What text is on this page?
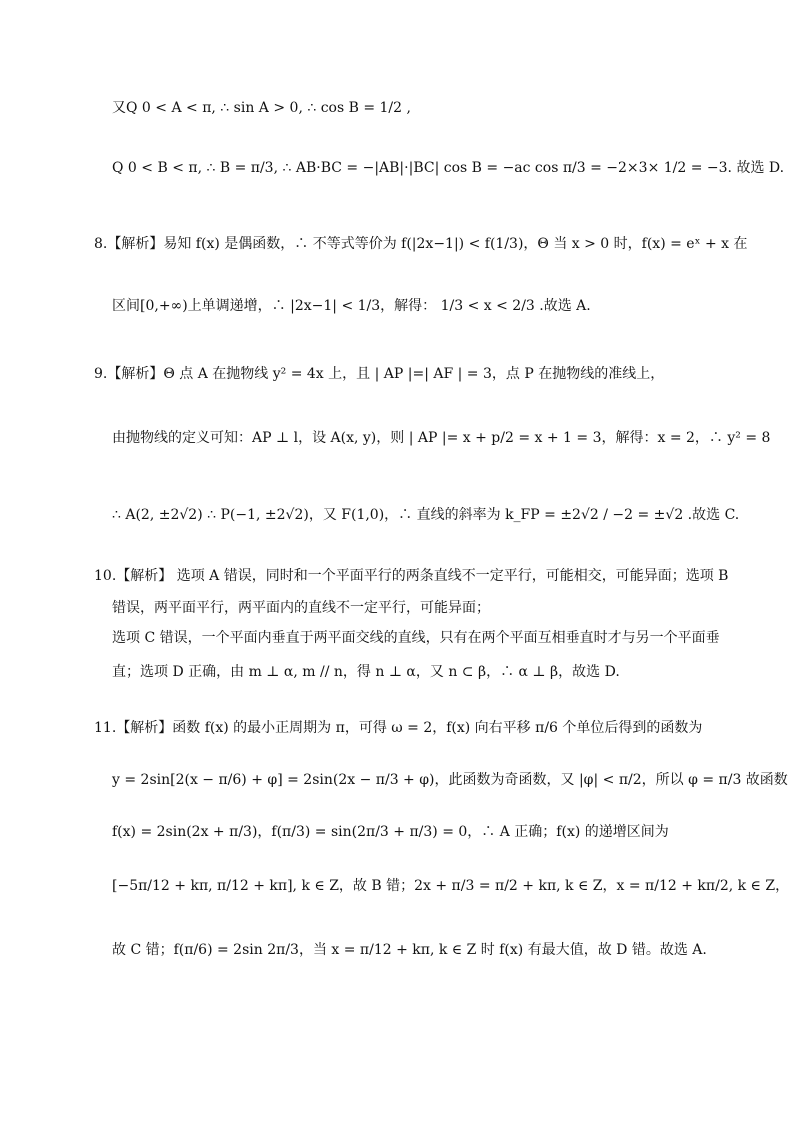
又Q 0 < A < π, ∴ sin A > 0, ∴ cos B = 1/2 ,
Q 0 < B < π, ∴ B = π/3, ∴ AB·BC = −|AB|·|BC| cos B = −ac cos π/3 = −2×3× 1/2 = −3. 故选 D.
8.【解析】易知 f(x) 是偶函数，∴ 不等式等价为 f(|2x−1|) < f(1/3)，Θ 当 x > 0 时，f(x) = eˣ + x 在
区间[0,+∞)上单调递增，∴ |2x−1| < 1/3，解得： 1/3 < x < 2/3 .故选 A.
9.【解析】Θ 点 A 在抛物线 y² = 4x 上，且 | AP |=| AF | = 3，点 P 在抛物线的准线上，
由抛物线的定义可知：AP ⊥ l，设 A(x, y)，则 | AP |= x + p/2 = x + 1 = 3，解得：x = 2，∴ y² = 8
∴ A(2, ±2√2) ∴ P(−1, ±2√2)，又 F(1,0)，∴ 直线的斜率为 k_FP = ±2√2 / −2 = ±√2 .故选 C.
10.【解析】 选项 A 错误，同时和一个平面平行的两条直线不一定平行，可能相交，可能异面；选项 B
错误，两平面平行，两平面内的直线不一定平行，可能异面；
选项 C 错误，一个平面内垂直于两平面交线的直线，只有在两个平面互相垂直时才与另一个平面垂
直；选项 D 正确，由 m ⊥ α, m // n，得 n ⊥ α，又 n ⊂ β，∴ α ⊥ β，故选 D.
11.【解析】函数 f(x) 的最小正周期为 π，可得 ω = 2，f(x) 向右平移 π/6 个单位后得到的函数为
y = 2sin[2(x − π/6) + φ] = 2sin(2x − π/3 + φ)，此函数为奇函数，又 |φ| < π/2，所以 φ = π/3 故函数
f(x) = 2sin(2x + π/3)，f(π/3) = sin(2π/3 + π/3) = 0，∴ A 正确；f(x) 的递增区间为
[−5π/12 + kπ, π/12 + kπ], k ∈ Z，故 B 错；2x + π/3 = π/2 + kπ, k ∈ Z，x = π/12 + kπ/2, k ∈ Z，
故 C 错；f(π/6) = 2sin 2π/3，当 x = π/12 + kπ, k ∈ Z 时 f(x) 有最大值，故 D 错。故选 A.
